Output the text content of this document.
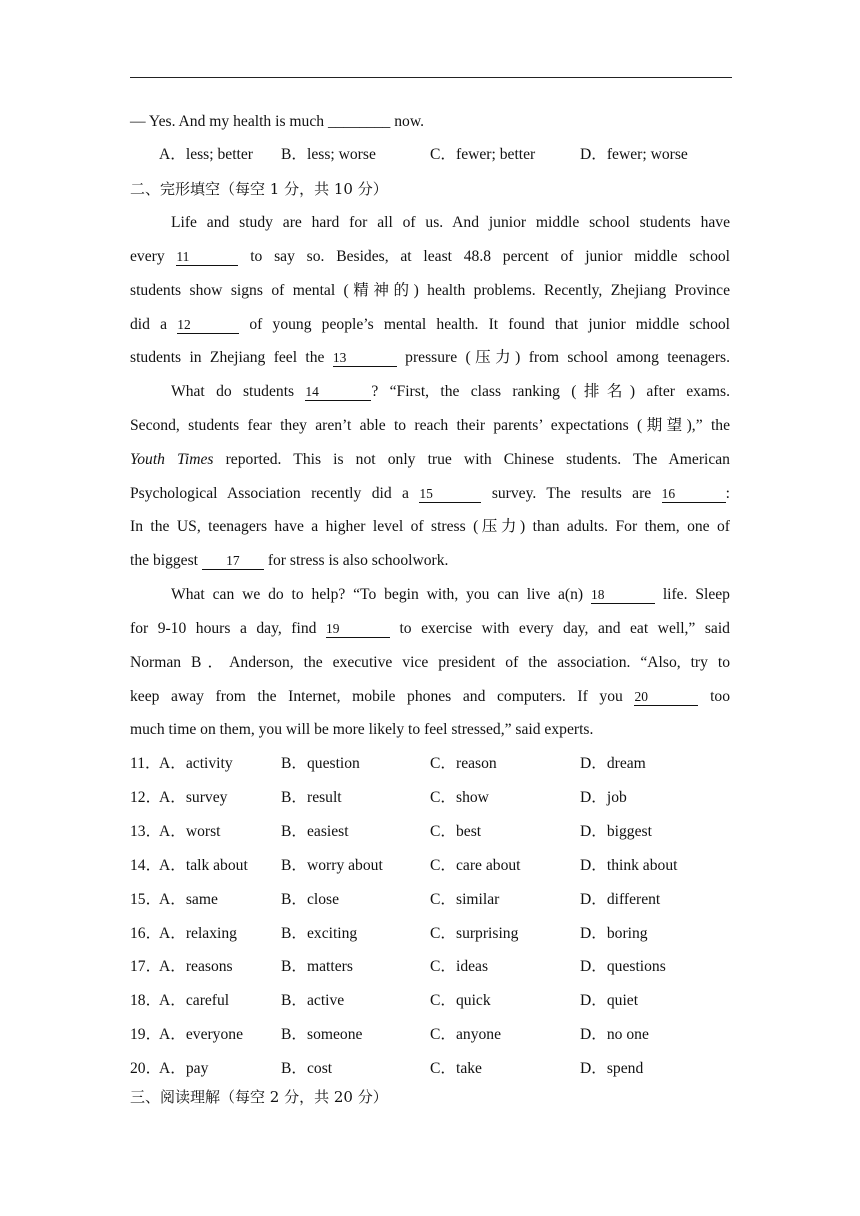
— Yes. And my health is much ________ now.
A．less; better B．less; worse	C．fewer; better	D．fewer; worse
二、完形填空（每空 1 分，共 10 分）
Life and study are hard for all of us. And junior middle school students have
every 11	to say so. Besides, at least 48.8 percent of junior middle school
students show signs of mental (精神的) health problems. Recently, Zhejiang Province
did a 12	of young people’s mental health. It found that junior middle school
students in Zhejiang feel the 13	pressure (压力) from school among teenagers.
What do students 14	? “First, the class ranking (排名) after exams.
Second, students fear they aren’t able to reach their parents’ expectations (期望),” the
Youth Times reported. This is not only true with Chinese students. The American
Psychological Association recently did a 15	survey. The results are 16	:
In the US, teenagers have a higher level of stress (压力) than adults. For them, one of
the biggest 17 for stress is also schoolwork.
What can we do to help? “To begin with, you can live a(n) 18	life. Sleep
for 9-10 hours a day, find 19	to exercise with every day, and eat well,” said
Norman B．Anderson, the executive vice president of the association. “Also, try to
keep away from the Internet, mobile phones and computers. If you 20	too
much time on them, you will be more likely to feel stressed,” said experts.
11．
A．activity	B．question	C．reason	D．dream
12．
A．survey	B．result	C．show	D．job
13．
A．worst	B．easiest	C．best	D．biggest
14．
A．talk about B．worry about	C．care about	D．think about
15．
A．same	B．close	C．similar	D．different
16．
A．relaxing	B．exciting	C．surprising	D．boring
17．
A．reasons	B．matters	C．ideas	D．questions
18．
A．careful	B．active	C．quick	D．quiet
19．
A．everyone B．someone	C．anyone	D．no one
20．
A．pay	B．cost	C．take	D．spend
三、阅读理解（每空 2 分，共 20 分）
